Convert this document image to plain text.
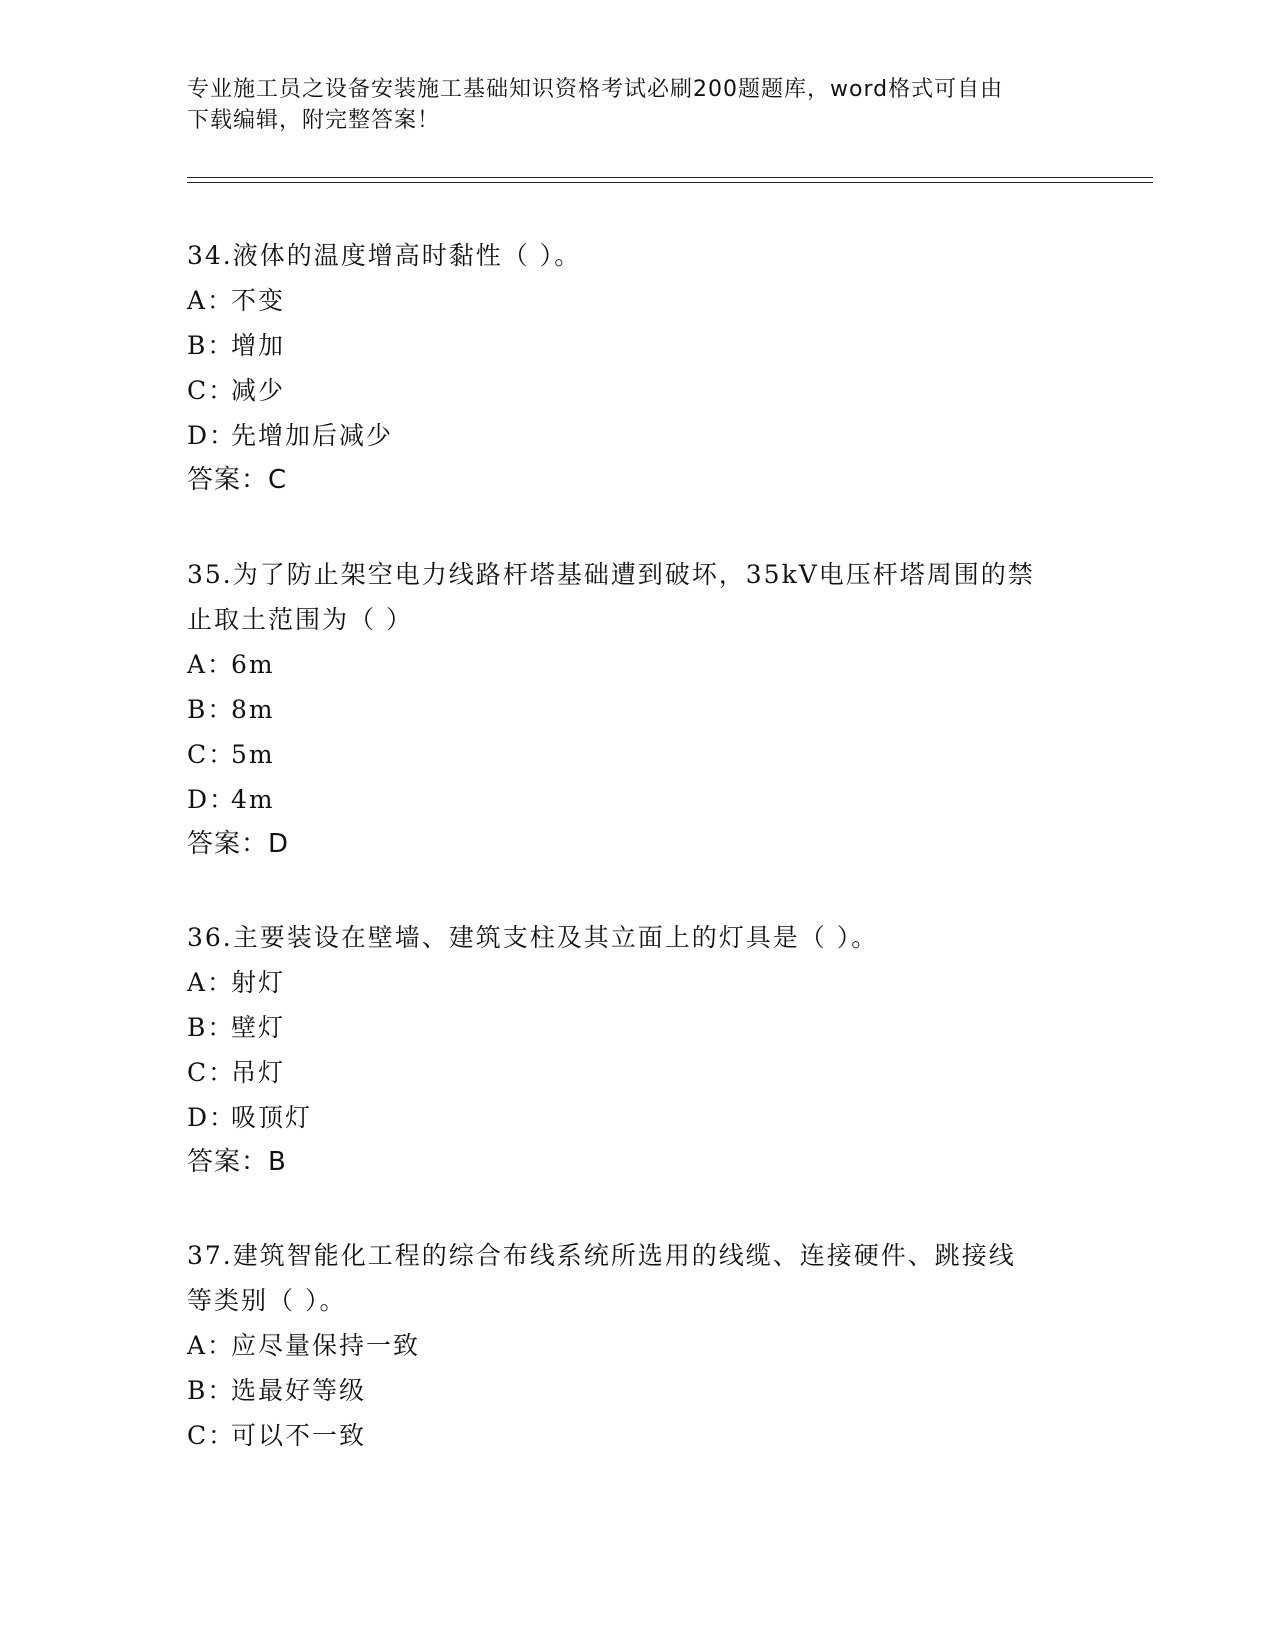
专业施工员之设备安装施工基础知识资格考试必刷200题题库，word格式可自由
下载编辑，附完整答案！

34.液体的温度增高时黏性（ ）。

A：不变

B：增加

C：减少

D：先增加后减少

答案：C

35.为了防止架空电力线路杆塔基础遭到破坏，35kV电压杆塔周围的禁

止取土范围为（ ）

A：6m

B：8m

C：5m

D：4m

答案：D

36.主要装设在壁墙、建筑支柱及其立面上的灯具是（ ）。

A：射灯

B：壁灯

C：吊灯

D：吸顶灯

答案：B

37.建筑智能化工程的综合布线系统所选用的线缆、连接硬件、跳接线

等类别（ ）。

A：应尽量保持一致

B：选最好等级

C：可以不一致
